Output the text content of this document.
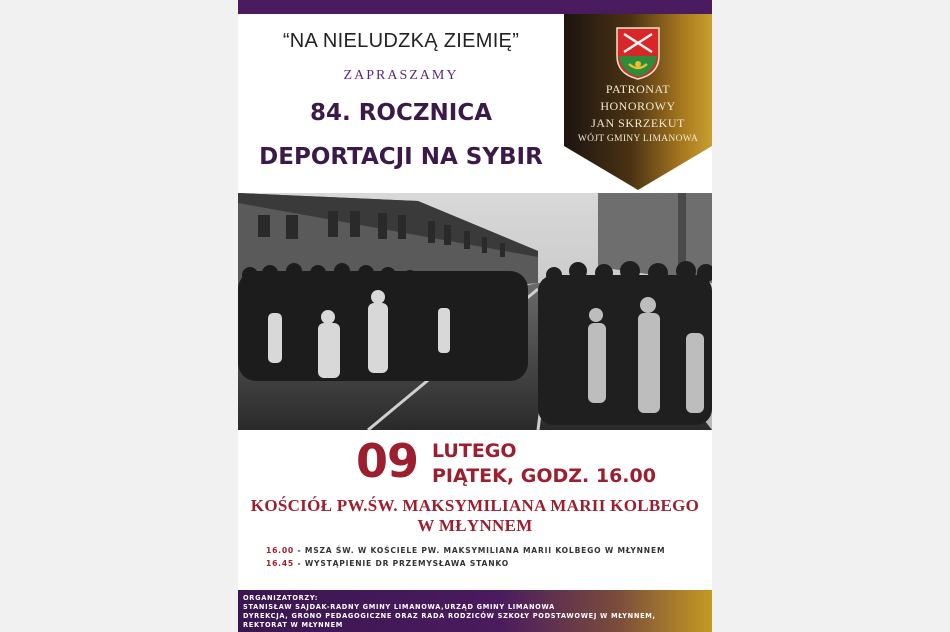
“NA NIELUDZKĄ ZIEMIĘ”
ZAPRASZAMY
84. ROCZNICA
DEPORTACJI NA SYBIR
PATRONAT
HONOROWY
JAN SKRZEKUT
WÓJT GMINY LIMANOWA
09 LUTEGO
PIĄTEK, GODZ. 16.00
KOŚCIÓŁ PW.ŚW. MAKSYMILIANA MARII KOLBEGO
W MŁYNNEM
16.00 - MSZA ŚW. W KOŚCIELE PW. MAKSYMILIANA MARII KOLBEGO W MŁYNNEM
16.45 - WYSTĄPIENIE DR PRZEMYSŁAWA STANKO
ORGANIZATORZY:
STANISŁAW SAJDAK-RADNY GMINY LIMANOWA,URZĄD GMINY LIMANOWA
DYREKCJA, GRONO PEDAGOGICZNE ORAZ RADA RODZICÓW SZKOŁY PODSTAWOWEJ W MŁYNNEM,
REKTORAT W MŁYNNEM
